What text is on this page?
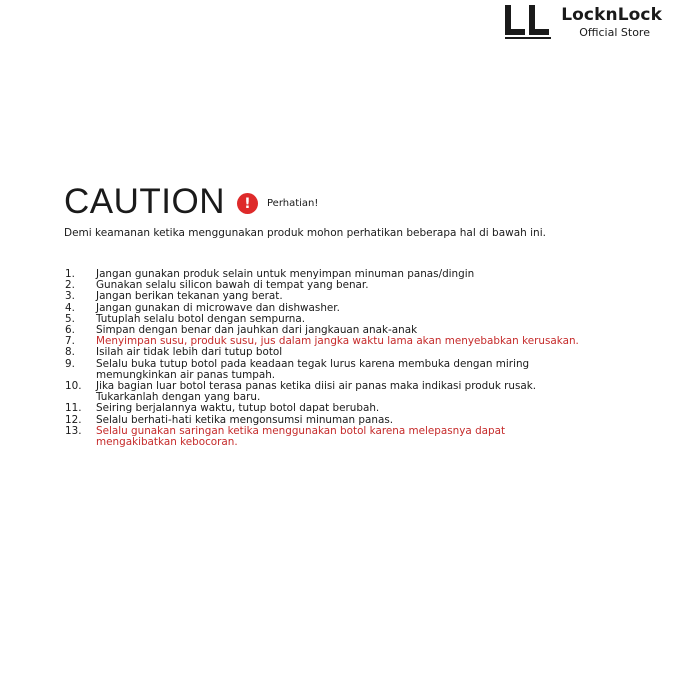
LocknLock
Official Store
CAUTION	!	Perhatian!
Demi keamanan ketika menggunakan produk mohon perhatikan beberapa hal di bawah ini.
1.	Jangan gunakan produk selain untuk menyimpan minuman panas/dingin
2.	Gunakan selalu silicon bawah di tempat yang benar.
3.	Jangan berikan tekanan yang berat.
4.	Jangan gunakan di microwave dan dishwasher.
5.	Tutuplah selalu botol dengan sempurna.
6.	Simpan dengan benar dan jauhkan dari jangkauan anak-anak
7.	Menyimpan susu, produk susu, jus dalam jangka waktu lama akan menyebabkan kerusakan.
8.	Isilah air tidak lebih dari tutup botol
9.	Selalu buka tutup botol pada keadaan tegak lurus karena membuka dengan miring
memungkinkan air panas tumpah.
10.	Jika bagian luar botol terasa panas ketika diisi air panas maka indikasi produk rusak.
Tukarkanlah dengan yang baru.
11.	Seiring berjalannya waktu, tutup botol dapat berubah.
12.	Selalu berhati-hati ketika mengonsumsi minuman panas.
13.	Selalu gunakan saringan ketika menggunakan botol karena melepasnya dapat
mengakibatkan kebocoran.
